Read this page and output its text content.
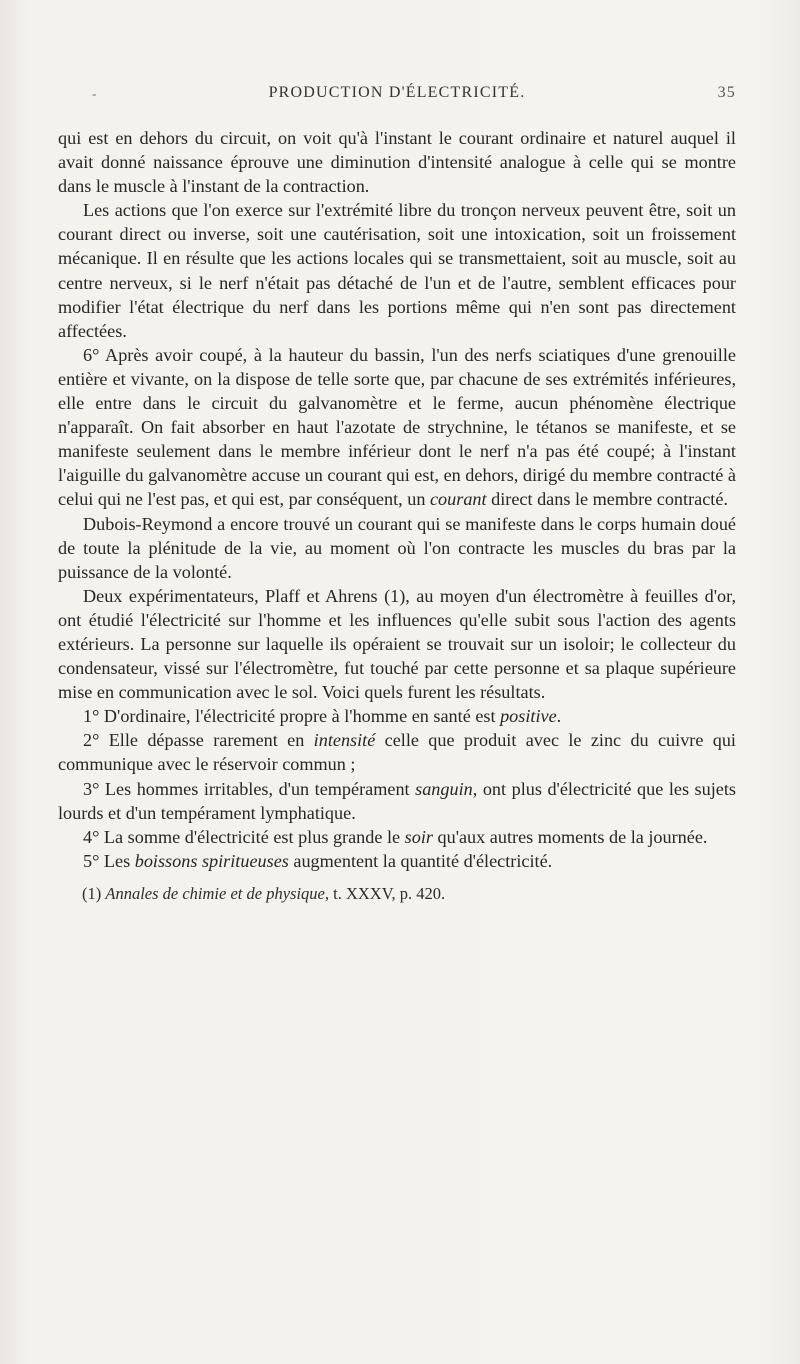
-	PRODUCTION D'ÉLECTRICITÉ.	35

qui est en dehors du circuit, on voit qu'à l'instant le courant ordinaire et naturel auquel il avait donné naissance éprouve une diminution d'intensité analogue à celle qui se montre dans le muscle à l'instant de la contraction.

Les actions que l'on exerce sur l'extrémité libre du tronçon nerveux peuvent être, soit un courant direct ou inverse, soit une cautérisation, soit une intoxication, soit un froissement mécanique. Il en résulte que les actions locales qui se transmettaient, soit au muscle, soit au centre nerveux, si le nerf n'était pas détaché de l'un et de l'autre, semblent efficaces pour modifier l'état électrique du nerf dans les portions même qui n'en sont pas directement affectées.

6° Après avoir coupé, à la hauteur du bassin, l'un des nerfs sciatiques d'une grenouille entière et vivante, on la dispose de telle sorte que, par chacune de ses extrémités inférieures, elle entre dans le circuit du galvanomètre et le ferme, aucun phénomène électrique n'apparaît. On fait absorber en haut l'azotate de strychnine, le tétanos se manifeste, et se manifeste seulement dans le membre inférieur dont le nerf n'a pas été coupé; à l'instant l'aiguille du galvanomètre accuse un courant qui est, en dehors, dirigé du membre contracté à celui qui ne l'est pas, et qui est, par conséquent, un courant direct dans le membre contracté.

Dubois-Reymond a encore trouvé un courant qui se manifeste dans le corps humain doué de toute la plénitude de la vie, au moment où l'on contracte les muscles du bras par la puissance de la volonté.

Deux expérimentateurs, Plaff et Ahrens (1), au moyen d'un électromètre à feuilles d'or, ont étudié l'électricité sur l'homme et les influences qu'elle subit sous l'action des agents extérieurs. La personne sur laquelle ils opéraient se trouvait sur un isoloir; le collecteur du condensateur, vissé sur l'électromètre, fut touché par cette personne et sa plaque supérieure mise en communication avec le sol. Voici quels furent les résultats.

1° D'ordinaire, l'électricité propre à l'homme en santé est positive.

2° Elle dépasse rarement en intensité celle que produit avec le zinc du cuivre qui communique avec le réservoir commun ;

3° Les hommes irritables, d'un tempérament sanguin, ont plus d'électricité que les sujets lourds et d'un tempérament lymphatique.

4° La somme d'électricité est plus grande le soir qu'aux autres moments de la journée.

5° Les boissons spiritueuses augmentent la quantité d'électricité.

(1) Annales de chimie et de physique, t. XXXV, p. 420.
